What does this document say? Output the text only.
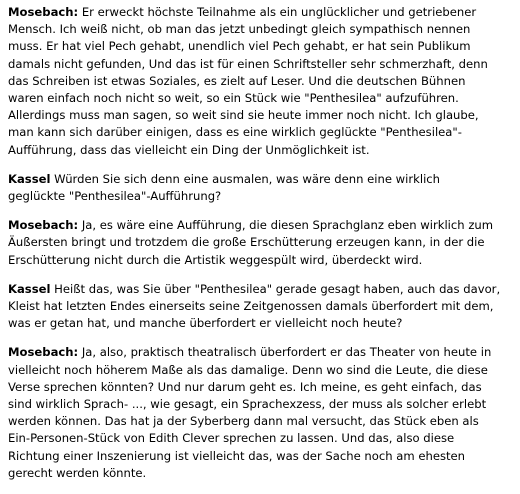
Mosebach: Er erweckt höchste Teilnahme als ein unglücklicher und getriebener
Mensch. Ich weiß nicht, ob man das jetzt unbedingt gleich sympathisch nennen
muss. Er hat viel Pech gehabt, unendlich viel Pech gehabt, er hat sein Publikum
damals nicht gefunden, Und das ist für einen Schriftsteller sehr schmerzhaft, denn
das Schreiben ist etwas Soziales, es zielt auf Leser. Und die deutschen Bühnen
waren einfach noch nicht so weit, so ein Stück wie "Penthesilea" aufzuführen.
Allerdings muss man sagen, so weit sind sie heute immer noch nicht. Ich glaube,
man kann sich darüber einigen, dass es eine wirklich geglückte "Penthesilea"-
Aufführung, dass das vielleicht ein Ding der Unmöglichkeit ist.

Kassel Würden Sie sich denn eine ausmalen, was wäre denn eine wirklich
geglückte "Penthesilea"-Aufführung?

Mosebach: Ja, es wäre eine Aufführung, die diesen Sprachglanz eben wirklich zum
Äußersten bringt und trotzdem die große Erschütterung erzeugen kann, in der die
Erschütterung nicht durch die Artistik weggespült wird, überdeckt wird.

Kassel Heißt das, was Sie über "Penthesilea" gerade gesagt haben, auch das davor,
Kleist hat letzten Endes einerseits seine Zeitgenossen damals überfordert mit dem,
was er getan hat, und manche überfordert er vielleicht noch heute?

Mosebach: Ja, also, praktisch theatralisch überfordert er das Theater von heute in
vielleicht noch höherem Maße als das damalige. Denn wo sind die Leute, die diese
Verse sprechen könnten? Und nur darum geht es. Ich meine, es geht einfach, das
sind wirklich Sprach- ..., wie gesagt, ein Sprachexzess, der muss als solcher erlebt
werden können. Das hat ja der Syberberg dann mal versucht, das Stück eben als
Ein-Personen-Stück von Edith Clever sprechen zu lassen. Und das, also diese
Richtung einer Inszenierung ist vielleicht das, was der Sache noch am ehesten
gerecht werden könnte.
